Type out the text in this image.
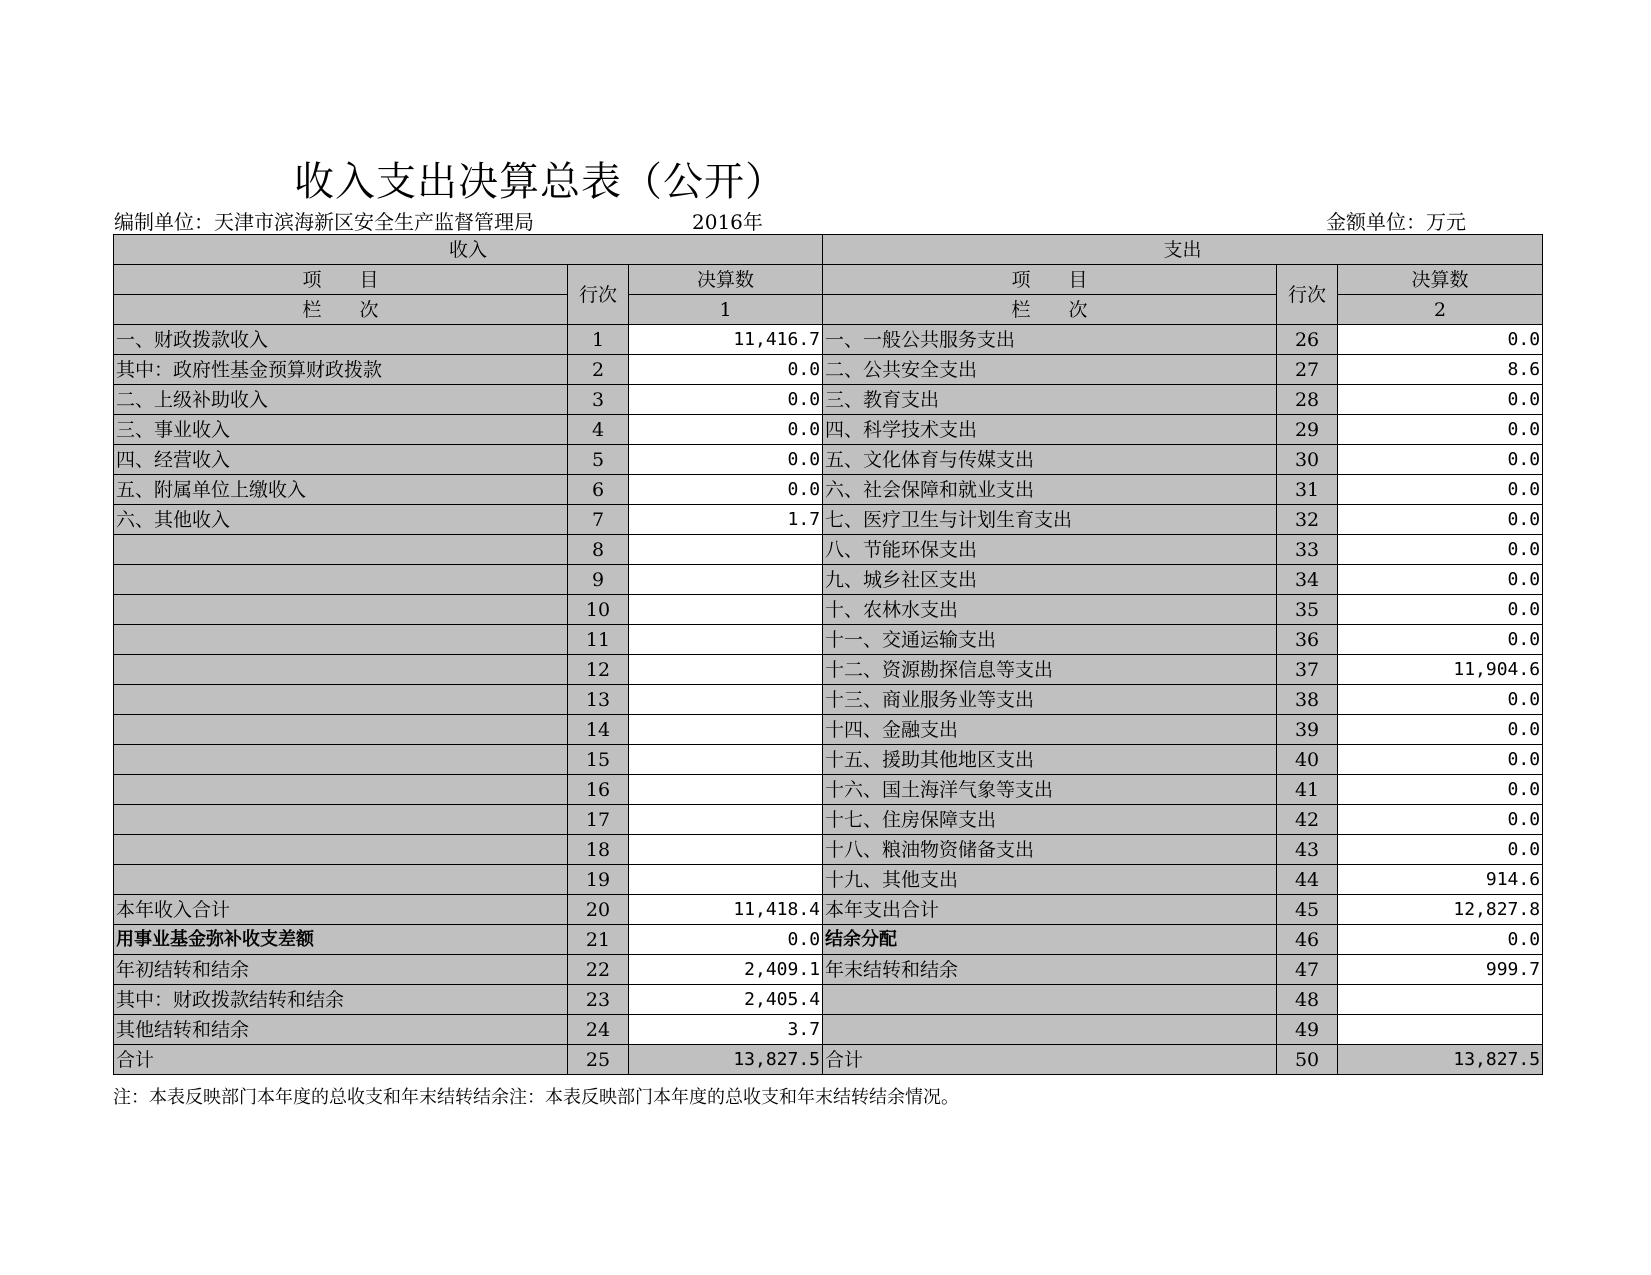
收入支出决算总表（公开）
编制单位：天津市滨海新区安全生产监督管理局	2016年	金额单位：万元
收入			支出		
项　　目	行次	决算数	项　　目	行次	决算数
栏　　次		1	栏　　次		2
一、财政拨款收入	1	11,416.7	一、一般公共服务支出	26	0.0
其中：政府性基金预算财政拨款	2	0.0	二、公共安全支出	27	8.6
二、上级补助收入	3	0.0	三、教育支出	28	0.0
三、事业收入	4	0.0	四、科学技术支出	29	0.0
四、经营收入	5	0.0	五、文化体育与传媒支出	30	0.0
五、附属单位上缴收入	6	0.0	六、社会保障和就业支出	31	0.0
六、其他收入	7	1.7	七、医疗卫生与计划生育支出	32	0.0
	8		八、节能环保支出	33	0.0
	9		九、城乡社区支出	34	0.0
	10		十、农林水支出	35	0.0
	11		十一、交通运输支出	36	0.0
	12		十二、资源勘探信息等支出	37	11,904.6
	13		十三、商业服务业等支出	38	0.0
	14		十四、金融支出	39	0.0
	15		十五、援助其他地区支出	40	0.0
	16		十六、国土海洋气象等支出	41	0.0
	17		十七、住房保障支出	42	0.0
	18		十八、粮油物资储备支出	43	0.0
	19		十九、其他支出	44	914.6
本年收入合计	20	11,418.4	本年支出合计	45	12,827.8
用事业基金弥补收支差额	21	0.0	结余分配	46	0.0
年初结转和结余	22	2,409.1	年末结转和结余	47	999.7
其中：财政拨款结转和结余	23	2,405.4		48	
其他结转和结余	24	3.7		49	
合计	25	13,827.5	合计	50	13,827.5
注：本表反映部门本年度的总收支和年末结转结余注：本表反映部门本年度的总收支和年末结转结余情况。
